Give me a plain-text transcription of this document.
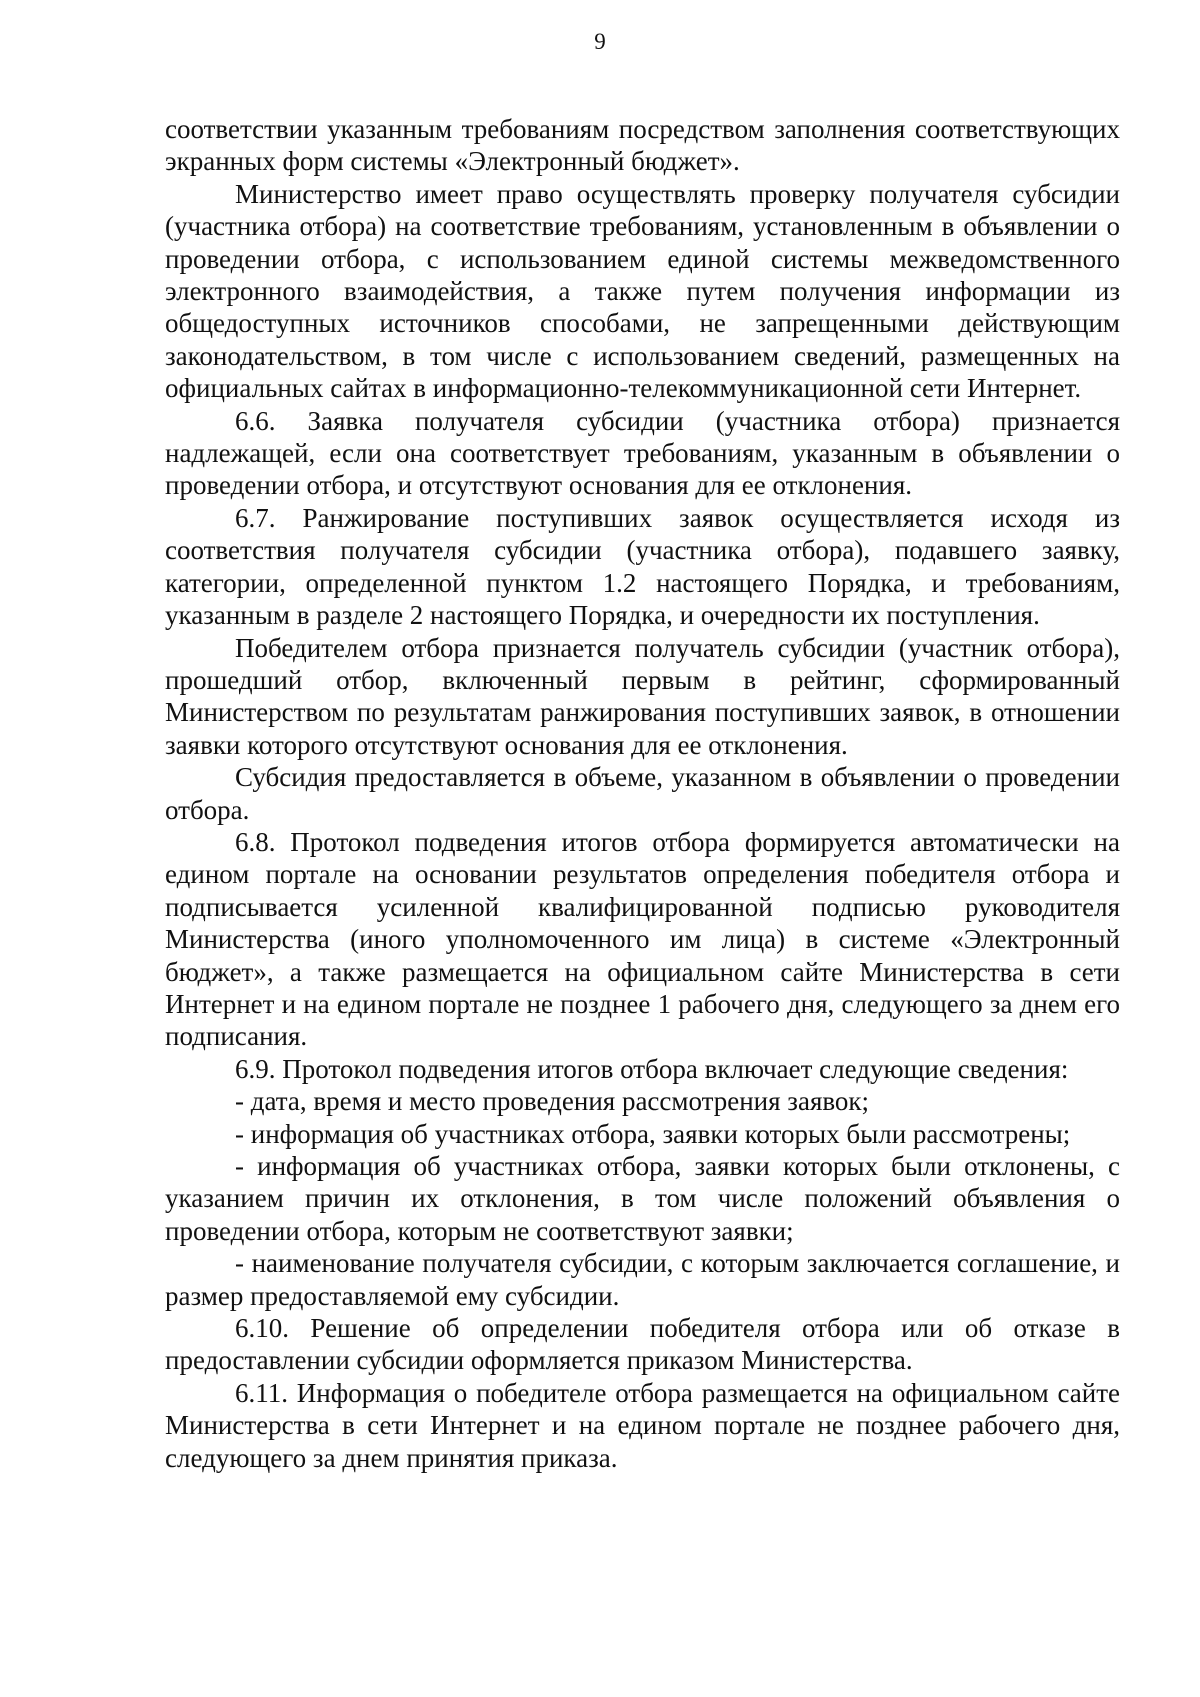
9

соответствии указанным требованиям посредством заполнения соответствующих экранных форм системы «Электронный бюджет».

Министерство имеет право осуществлять проверку получателя субсидии (участника отбора) на соответствие требованиям, установленным в объявлении о проведении отбора, с использованием единой системы межведомственного электронного взаимодействия, а также путем получения информации из общедоступных источников способами, не запрещенными действующим законодательством, в том числе с использованием сведений, размещенных на официальных сайтах в информационно-телекоммуникационной сети Интернет.

6.6. Заявка получателя субсидии (участника отбора) признается надлежащей, если она соответствует требованиям, указанным в объявлении о проведении отбора, и отсутствуют основания для ее отклонения.

6.7. Ранжирование поступивших заявок осуществляется исходя из соответствия получателя субсидии (участника отбора), подавшего заявку, категории, определенной пунктом 1.2 настоящего Порядка, и требованиям, указанным в разделе 2 настоящего Порядка, и очередности их поступления.

Победителем отбора признается получатель субсидии (участник отбора), прошедший отбор, включенный первым в рейтинг, сформированный Министерством по результатам ранжирования поступивших заявок, в отношении заявки которого отсутствуют основания для ее отклонения.

Субсидия предоставляется в объеме, указанном в объявлении о проведении отбора.

6.8. Протокол подведения итогов отбора формируется автоматически на едином портале на основании результатов определения победителя отбора и подписывается усиленной квалифицированной подписью руководителя Министерства (иного уполномоченного им лица) в системе «Электронный бюджет», а также размещается на официальном сайте Министерства в сети Интернет и на едином портале не позднее 1 рабочего дня, следующего за днем его подписания.

6.9. Протокол подведения итогов отбора включает следующие сведения:

- дата, время и место проведения рассмотрения заявок;

- информация об участниках отбора, заявки которых были рассмотрены;

- информация об участниках отбора, заявки которых были отклонены, с указанием причин их отклонения, в том числе положений объявления о проведении отбора, которым не соответствуют заявки;

- наименование получателя субсидии, с которым заключается соглашение, и размер предоставляемой ему субсидии.

6.10. Решение об определении победителя отбора или об отказе в предоставлении субсидии оформляется приказом Министерства.

6.11. Информация о победителе отбора размещается на официальном сайте Министерства в сети Интернет и на едином портале не позднее рабочего дня, следующего за днем принятия приказа.
